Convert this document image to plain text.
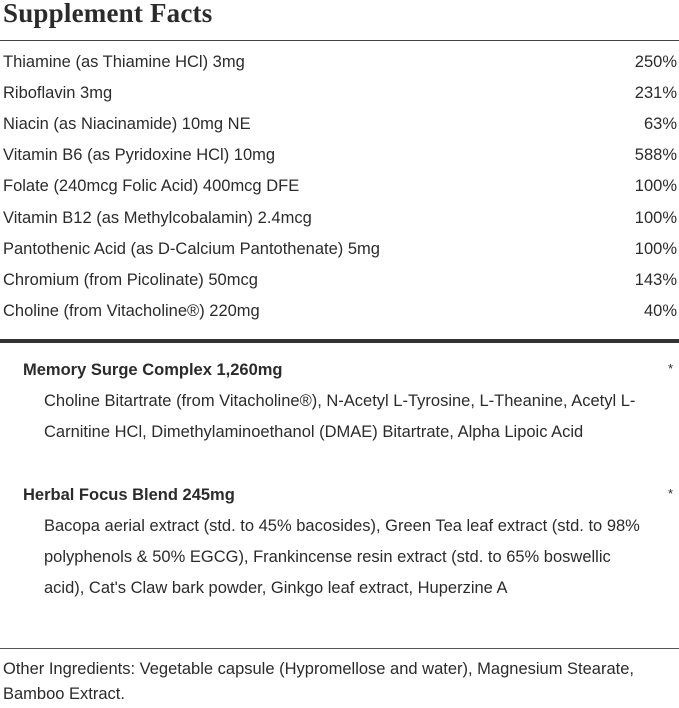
Supplement Facts
Thiamine (as Thiamine HCl) 3mg	250%
Riboflavin 3mg	231%
Niacin (as Niacinamide) 10mg NE	63%
Vitamin B6 (as Pyridoxine HCl) 10mg	588%
Folate (240mcg Folic Acid) 400mcg DFE	100%
Vitamin B12 (as Methylcobalamin) 2.4mcg	100%
Pantothenic Acid (as D-Calcium Pantothenate) 5mg	100%
Chromium (from Picolinate) 50mcg	143%
Choline (from Vitacholine®) 220mg	40%
Memory Surge Complex 1,260mg	*
Choline Bitartrate (from Vitacholine®), N-Acetyl L-Tyrosine, L-Theanine, Acetyl L-Carnitine HCl, Dimethylaminoethanol (DMAE) Bitartrate, Alpha Lipoic Acid
Herbal Focus Blend 245mg	*
Bacopa aerial extract (std. to 45% bacosides), Green Tea leaf extract (std. to 98% polyphenols & 50% EGCG), Frankincense resin extract (std. to 65% boswellic acid), Cat's Claw bark powder, Ginkgo leaf extract, Huperzine A
Other Ingredients: Vegetable capsule (Hypromellose and water), Magnesium Stearate, Bamboo Extract.
